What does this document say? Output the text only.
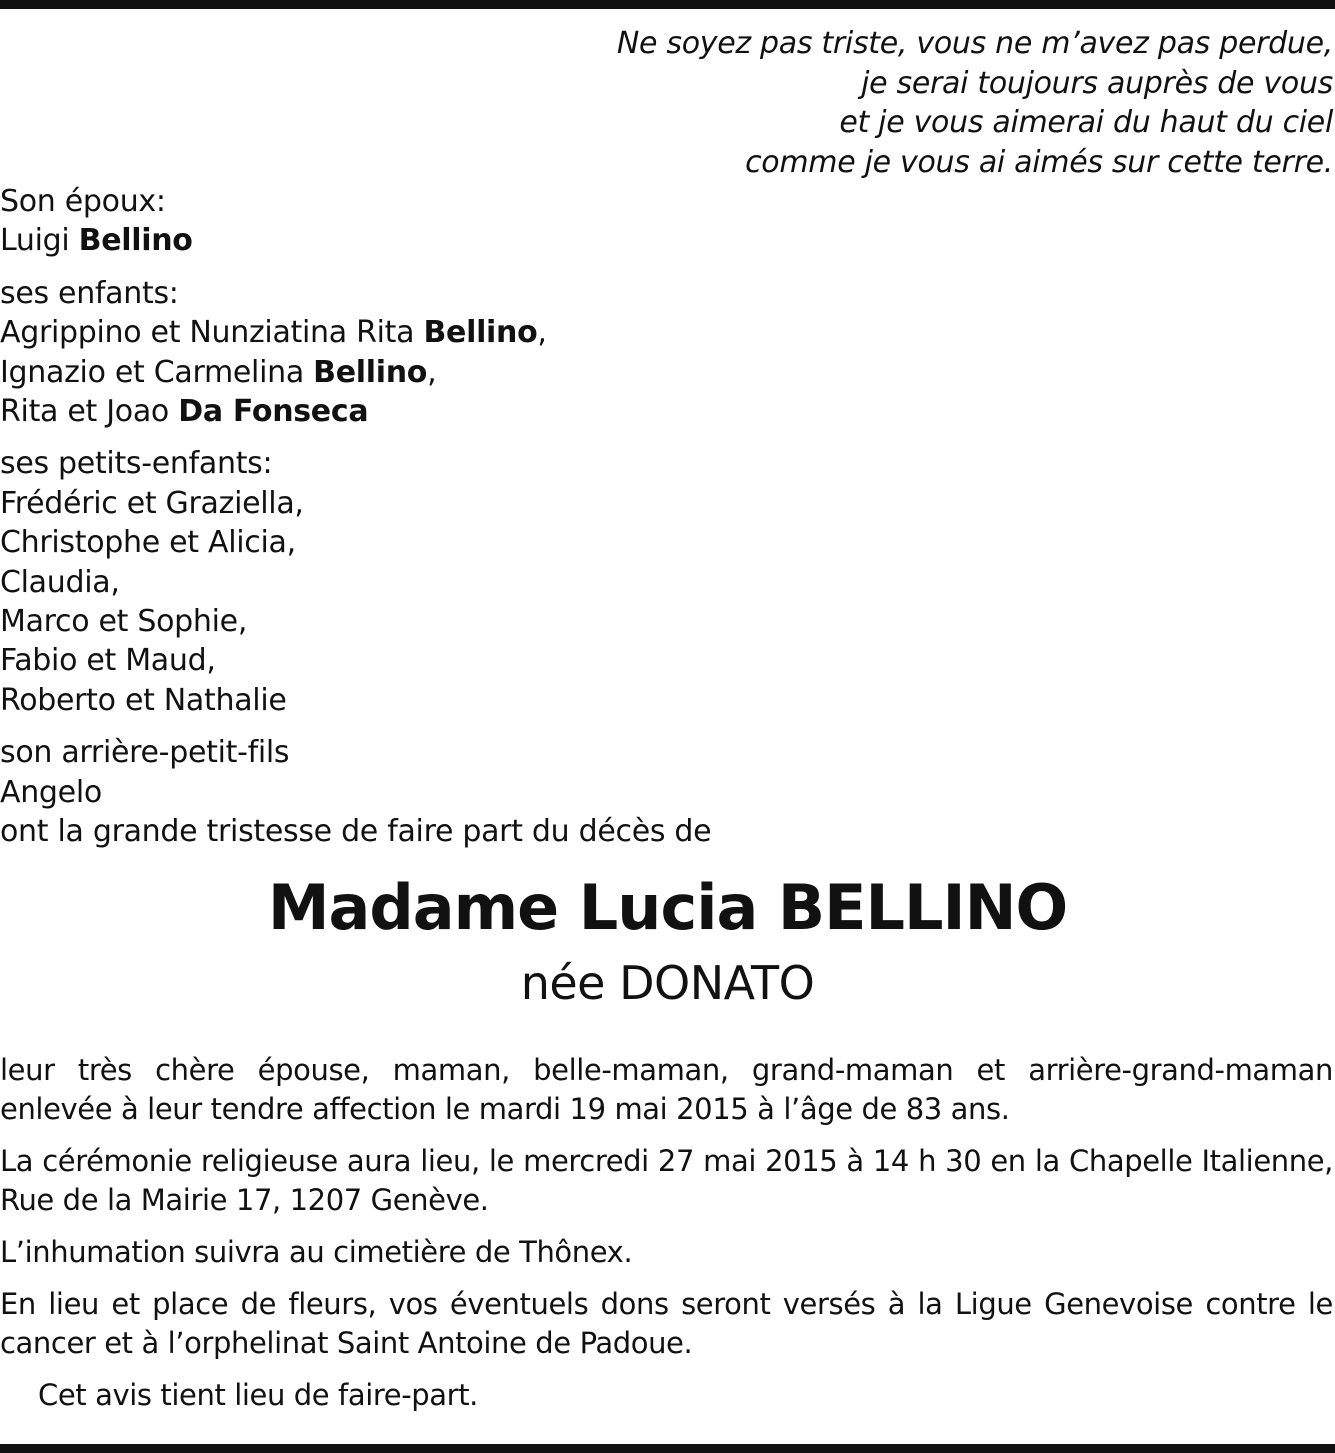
Ne soyez pas triste, vous ne m’avez pas perdue,
je serai toujours auprès de vous
et je vous aimerai du haut du ciel
comme je vous ai aimés sur cette terre.
Son époux:
Luigi Bellino
ses enfants:
Agrippino et Nunziatina Rita Bellino,
Ignazio et Carmelina Bellino,
Rita et Joao Da Fonseca
ses petits-enfants:
Frédéric et Graziella,
Christophe et Alicia,
Claudia,
Marco et Sophie,
Fabio et Maud,
Roberto et Nathalie
son arrière-petit-fils
Angelo
ont la grande tristesse de faire part du décès de
Madame Lucia BELLINO
née DONATO

leur très chère épouse, maman, belle-maman, grand-maman et arrière-grand-maman enlevée à leur tendre affection le mardi 19 mai 2015 à l’âge de 83 ans.

La cérémonie religieuse aura lieu, le mercredi 27 mai 2015 à 14 h 30 en la Chapelle Italienne, Rue de la Mairie 17, 1207 Genève.

L’inhumation suivra au cimetière de Thônex.

En lieu et place de fleurs, vos éventuels dons seront versés à la Ligue Genevoise contre le cancer et à l’orphelinat Saint Antoine de Padoue.

Cet avis tient lieu de faire-part.
